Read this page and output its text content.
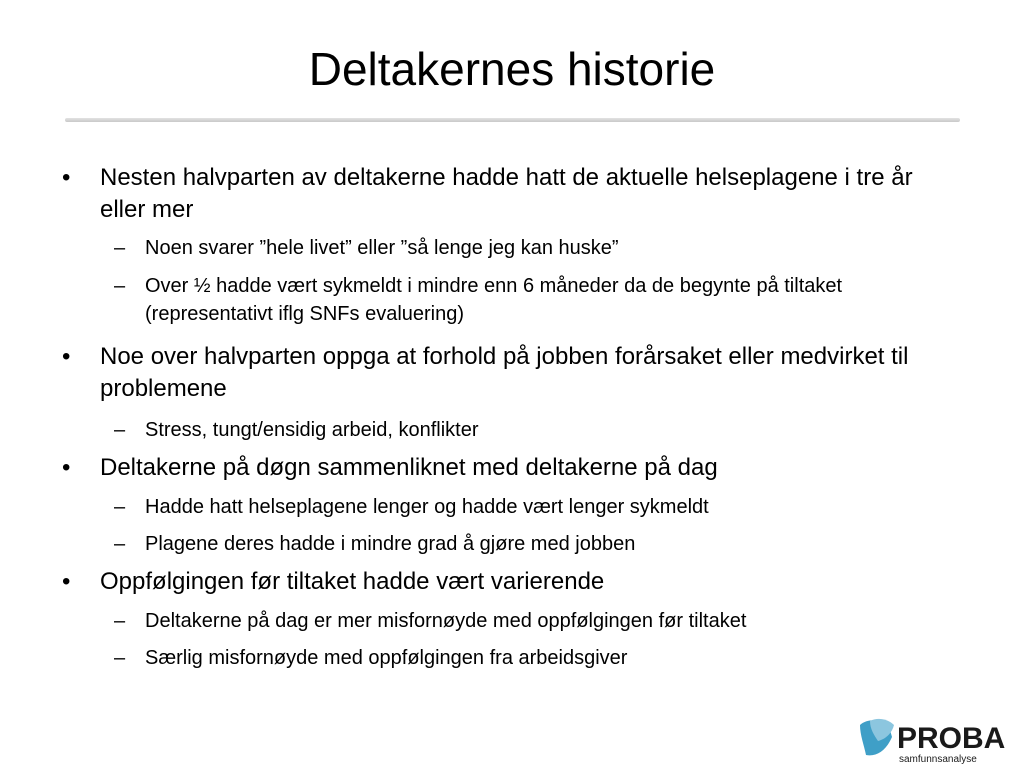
Deltakernes historie
• Nesten halvparten av deltakerne hadde hatt de aktuelle helseplagene i tre år eller mer
– Noen svarer ”hele livet” eller ”så lenge jeg kan huske”
– Over ½ hadde vært sykmeldt i mindre enn 6 måneder da de begynte på tiltaket (representativt iflg SNFs evaluering)
• Noe over halvparten oppga at forhold på jobben forårsaket eller medvirket til problemene
– Stress, tungt/ensidig arbeid, konflikter
• Deltakerne på døgn sammenliknet med deltakerne på dag
– Hadde hatt helseplagene lenger og hadde vært lenger sykmeldt
– Plagene deres hadde i mindre grad å gjøre med jobben
• Oppfølgingen før tiltaket hadde vært varierende
– Deltakerne på dag er mer misfornøyde med oppfølgingen før tiltaket
– Særlig misfornøyde med oppfølgingen fra arbeidsgiver
PROBA
samfunnsanalyse
